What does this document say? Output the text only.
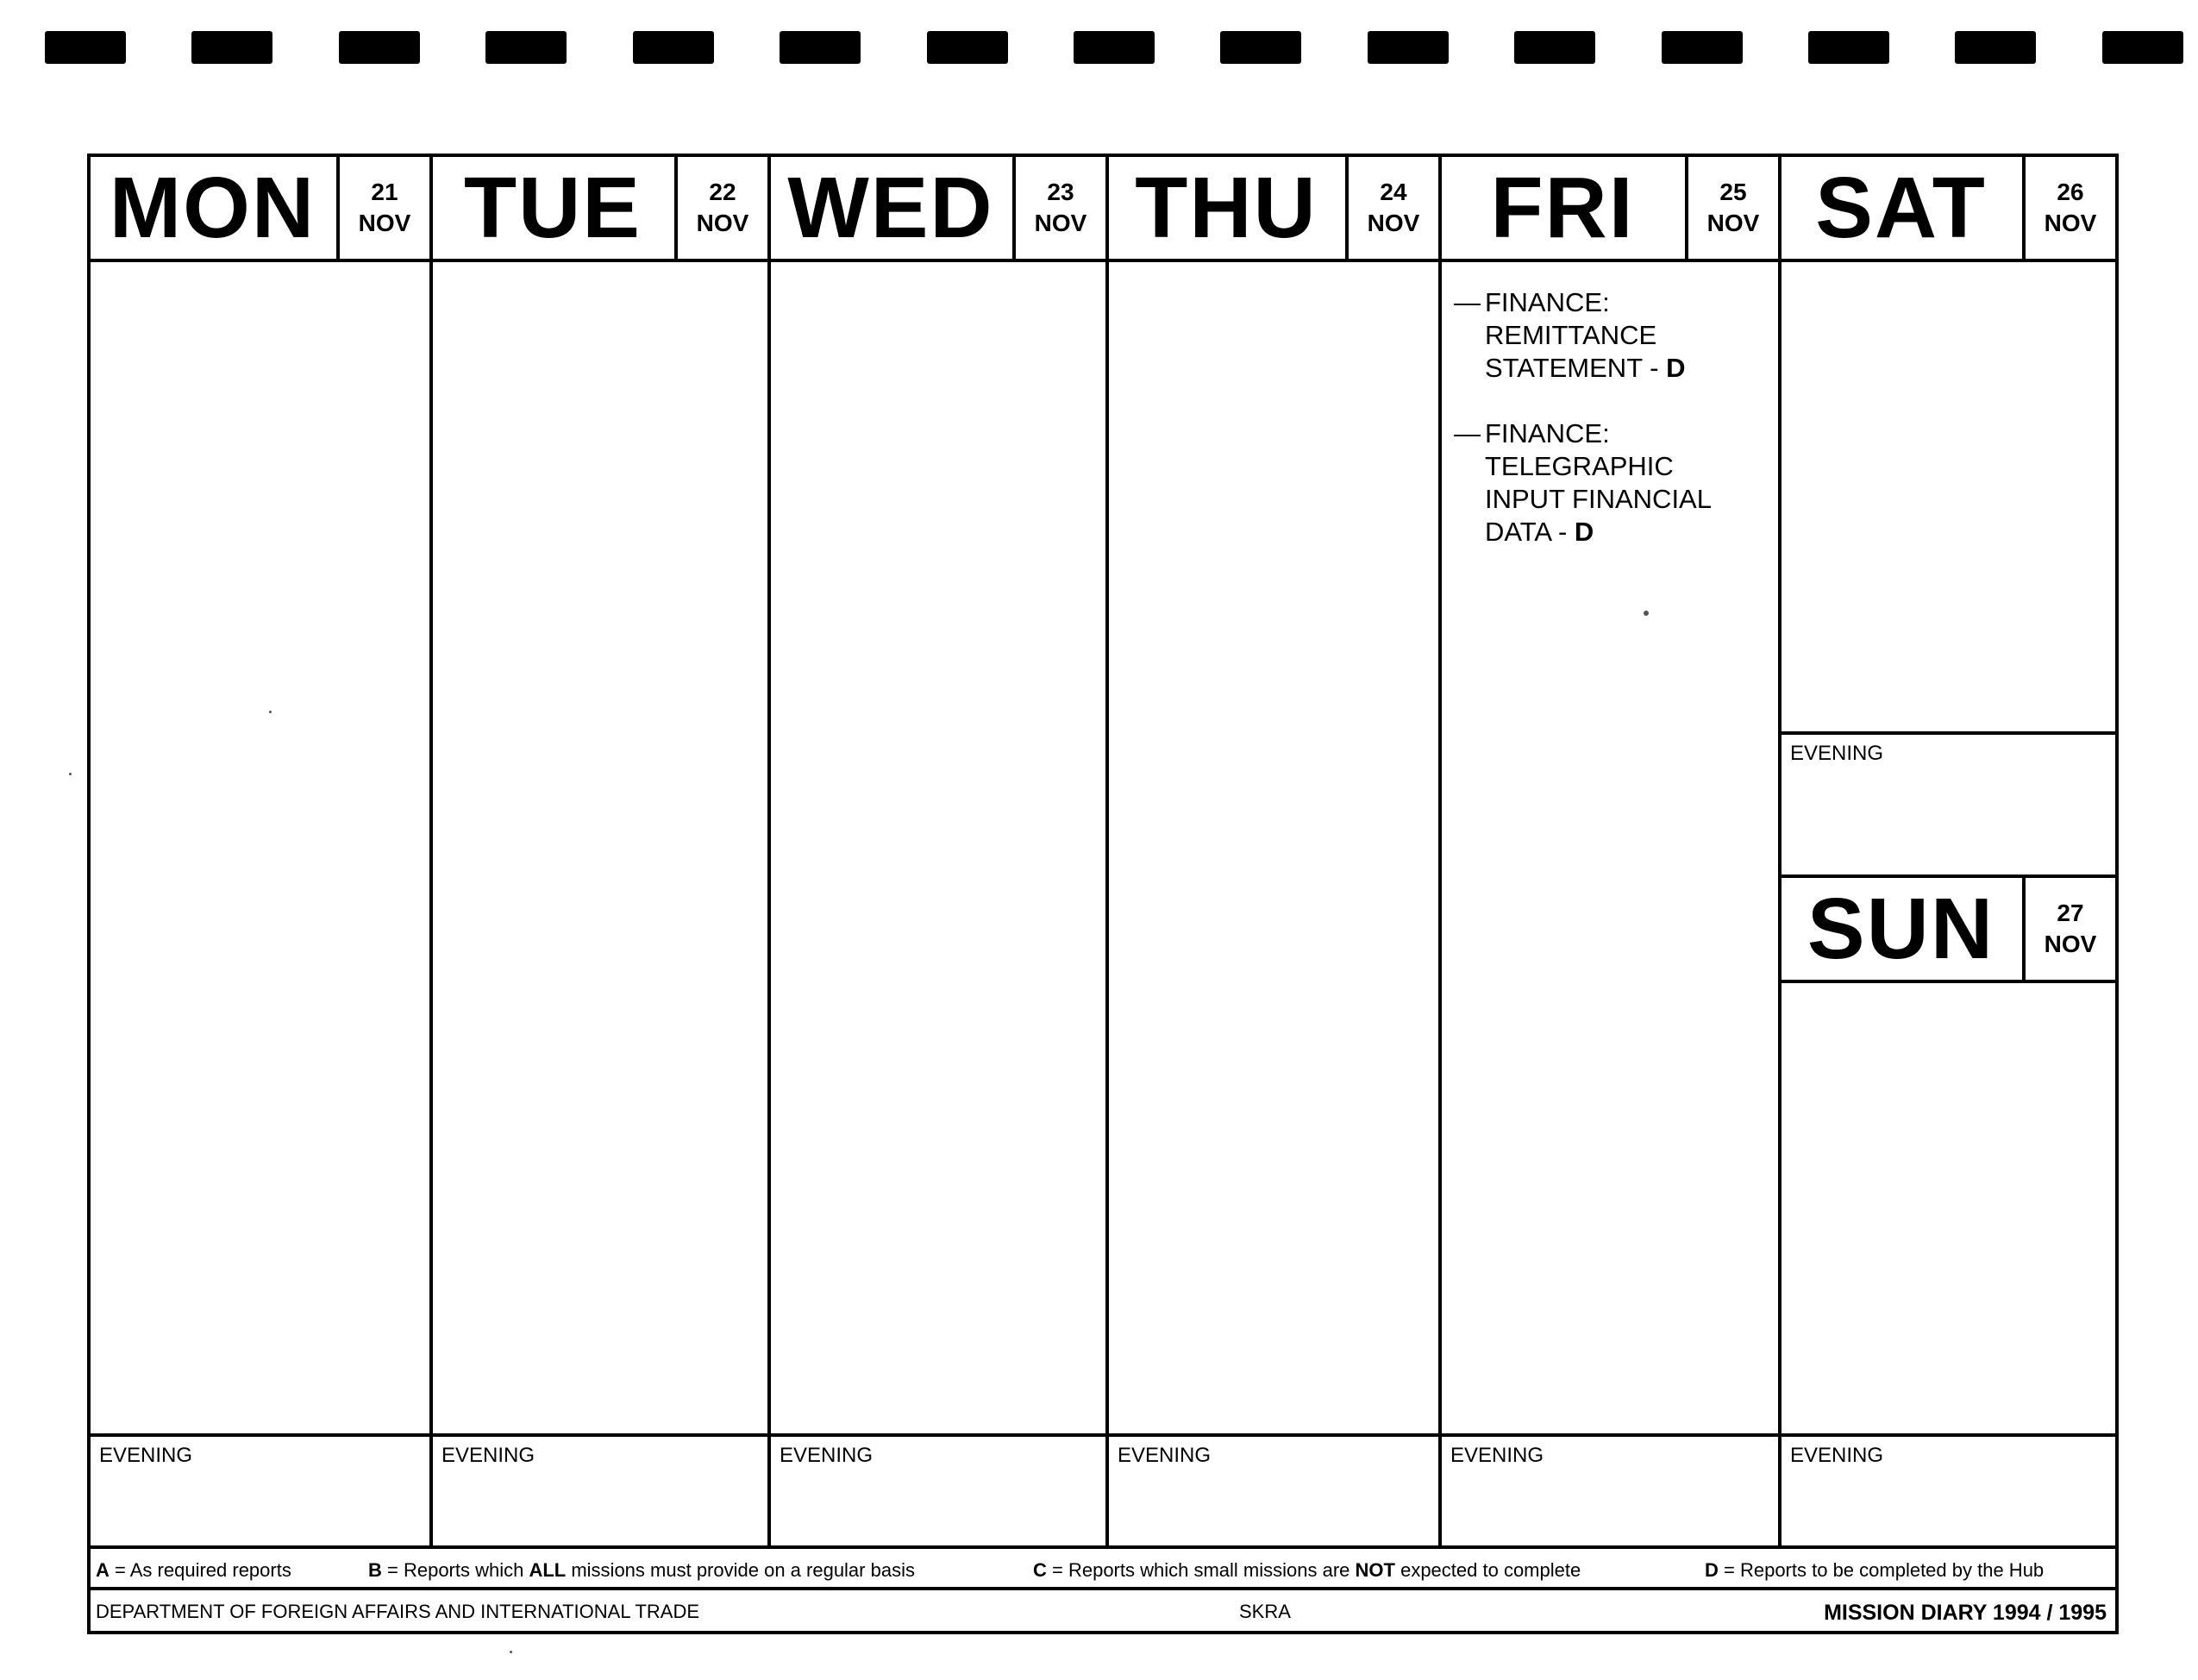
MON	21
NOV
EVENING
TUE	22
NOV
EVENING
WED	23
NOV
EVENING
THU	24
NOV
EVENING
FRI	25
NOV
— FINANCE:
REMITTANCE
STATEMENT - D
— FINANCE:
TELEGRAPHIC
INPUT FINANCIAL
DATA - D
EVENING
SAT	26
NOV
EVENING
SUN	27
NOV
EVENING
A = As required reports	B = Reports which ALL missions must provide on a regular basis	C = Reports which small missions are NOT expected to complete	D = Reports to be completed by the Hub
DEPARTMENT OF FOREIGN AFFAIRS AND INTERNATIONAL TRADE	SKRA	MISSION DIARY 1994 / 1995
